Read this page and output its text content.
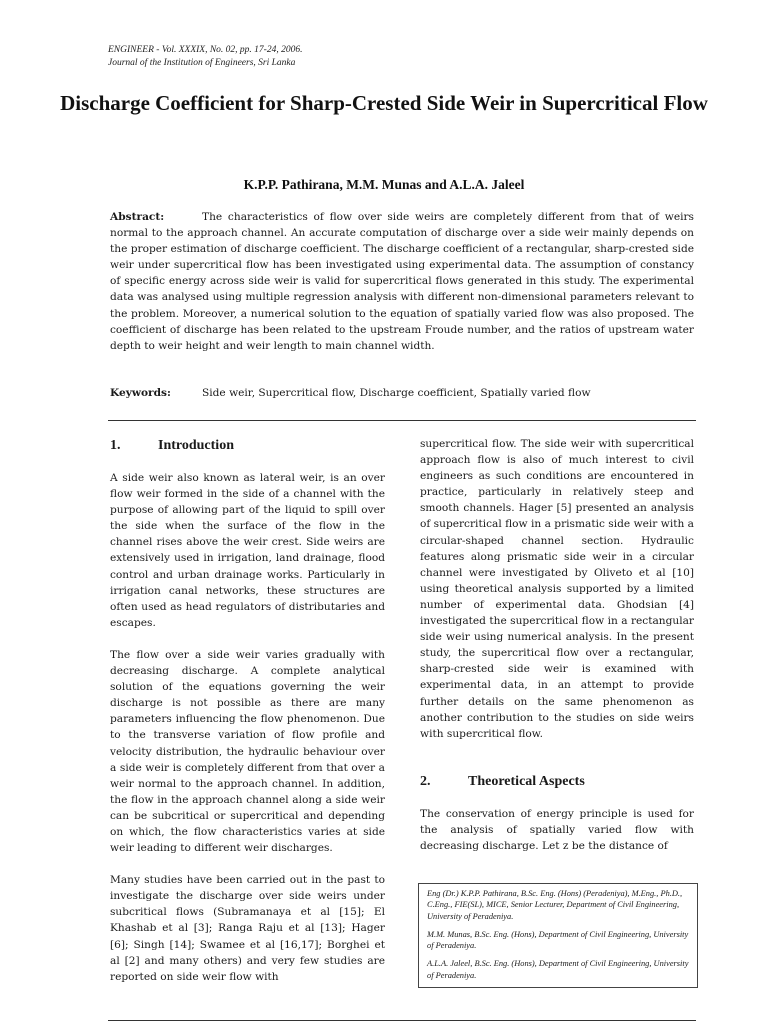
ENGINEER - Vol. XXXIX, No. 02, pp. 17-24, 2006.
Journal of the Institution of Engineers, Sri Lanka
Discharge Coefficient for Sharp-Crested Side Weir in Supercritical Flow
K.P.P. Pathirana, M.M. Munas and A.L.A. Jaleel

Abstract:	The characteristics of flow over side weirs are completely different from that of weirs normal to the approach channel. An accurate computation of discharge over a side weir mainly depends on the proper estimation of discharge coefficient. The discharge coefficient of a rectangular, sharp-crested side weir under supercritical flow has been investigated using experimental data. The assumption of constancy of specific energy across side weir is valid for supercritical flows generated in this study. The experimental data was analysed using multiple regression analysis with different non-dimensional parameters relevant to the problem. Moreover, a numerical solution to the equation of spatially varied flow was also proposed. The coefficient of discharge has been related to the upstream Froude number, and the ratios of upstream water depth to weir height and weir length to main channel width.

Keywords:	Side weir, Supercritical flow, Discharge coefficient, Spatially varied flow
1.	Introduction

A side weir also known as lateral weir, is an over flow weir formed in the side of a channel with the purpose of allowing part of the liquid to spill over the side when the surface of the flow in the channel rises above the weir crest. Side weirs are extensively used in irrigation, land drainage, flood control and urban drainage works. Particularly in irrigation canal networks, these structures are often used as head regulators of distributaries and escapes.

The flow over a side weir varies gradually with decreasing discharge. A complete analytical solution of the equations governing the weir discharge is not possible as there are many parameters influencing the flow phenomenon. Due to the transverse variation of flow profile and velocity distribution, the hydraulic behaviour over a side weir is completely different from that over a weir normal to the approach channel. In addition, the flow in the approach channel along a side weir can be subcritical or supercritical and depending on which, the flow characteristics varies at side weir leading to different weir discharges.

Many studies have been carried out in the past to investigate the discharge over side weirs under subcritical flows (Subramanaya et al [15]; El Khashab et al [3]; Ranga Raju et al [13]; Hager [6]; Singh [14]; Swamee et al [16,17]; Borghei et al [2] and many others) and very few studies are reported on side weir flow with

supercritical flow. The side weir with supercritical approach flow is also of much interest to civil engineers as such conditions are encountered in practice, particularly in relatively steep and smooth channels. Hager [5] presented an analysis of supercritical flow in a prismatic side weir with a circular-shaped channel section. Hydraulic features along prismatic side weir in a circular channel were investigated by Oliveto et al [10] using theoretical analysis supported by a limited number of experimental data. Ghodsian [4] investigated the supercritical flow in a rectangular side weir using numerical analysis. In the present study, the supercritical flow over a rectangular, sharp-crested side weir is examined with experimental data, in an attempt to provide further details on the same phenomenon as another contribution to the studies on side weirs with supercritical flow.

2.	Theoretical Aspects

The conservation of energy principle is used for the analysis of spatially varied flow with decreasing discharge. Let z be the distance of

Eng (Dr.) K.P.P. Pathirana, B.Sc. Eng. (Hons) (Peradeniya), M.Eng., Ph.D., C.Eng., FIE(SL), MICE, Senior Lecturer, Department of Civil Engineering, University of Peradeniya.

M.M. Munas, B.Sc. Eng. (Hons), Department of Civil Engineering, University of Peradeniya.

A.L.A. Jaleel, B.Sc. Eng. (Hons), Department of Civil Engineering, University of Peradeniya.
